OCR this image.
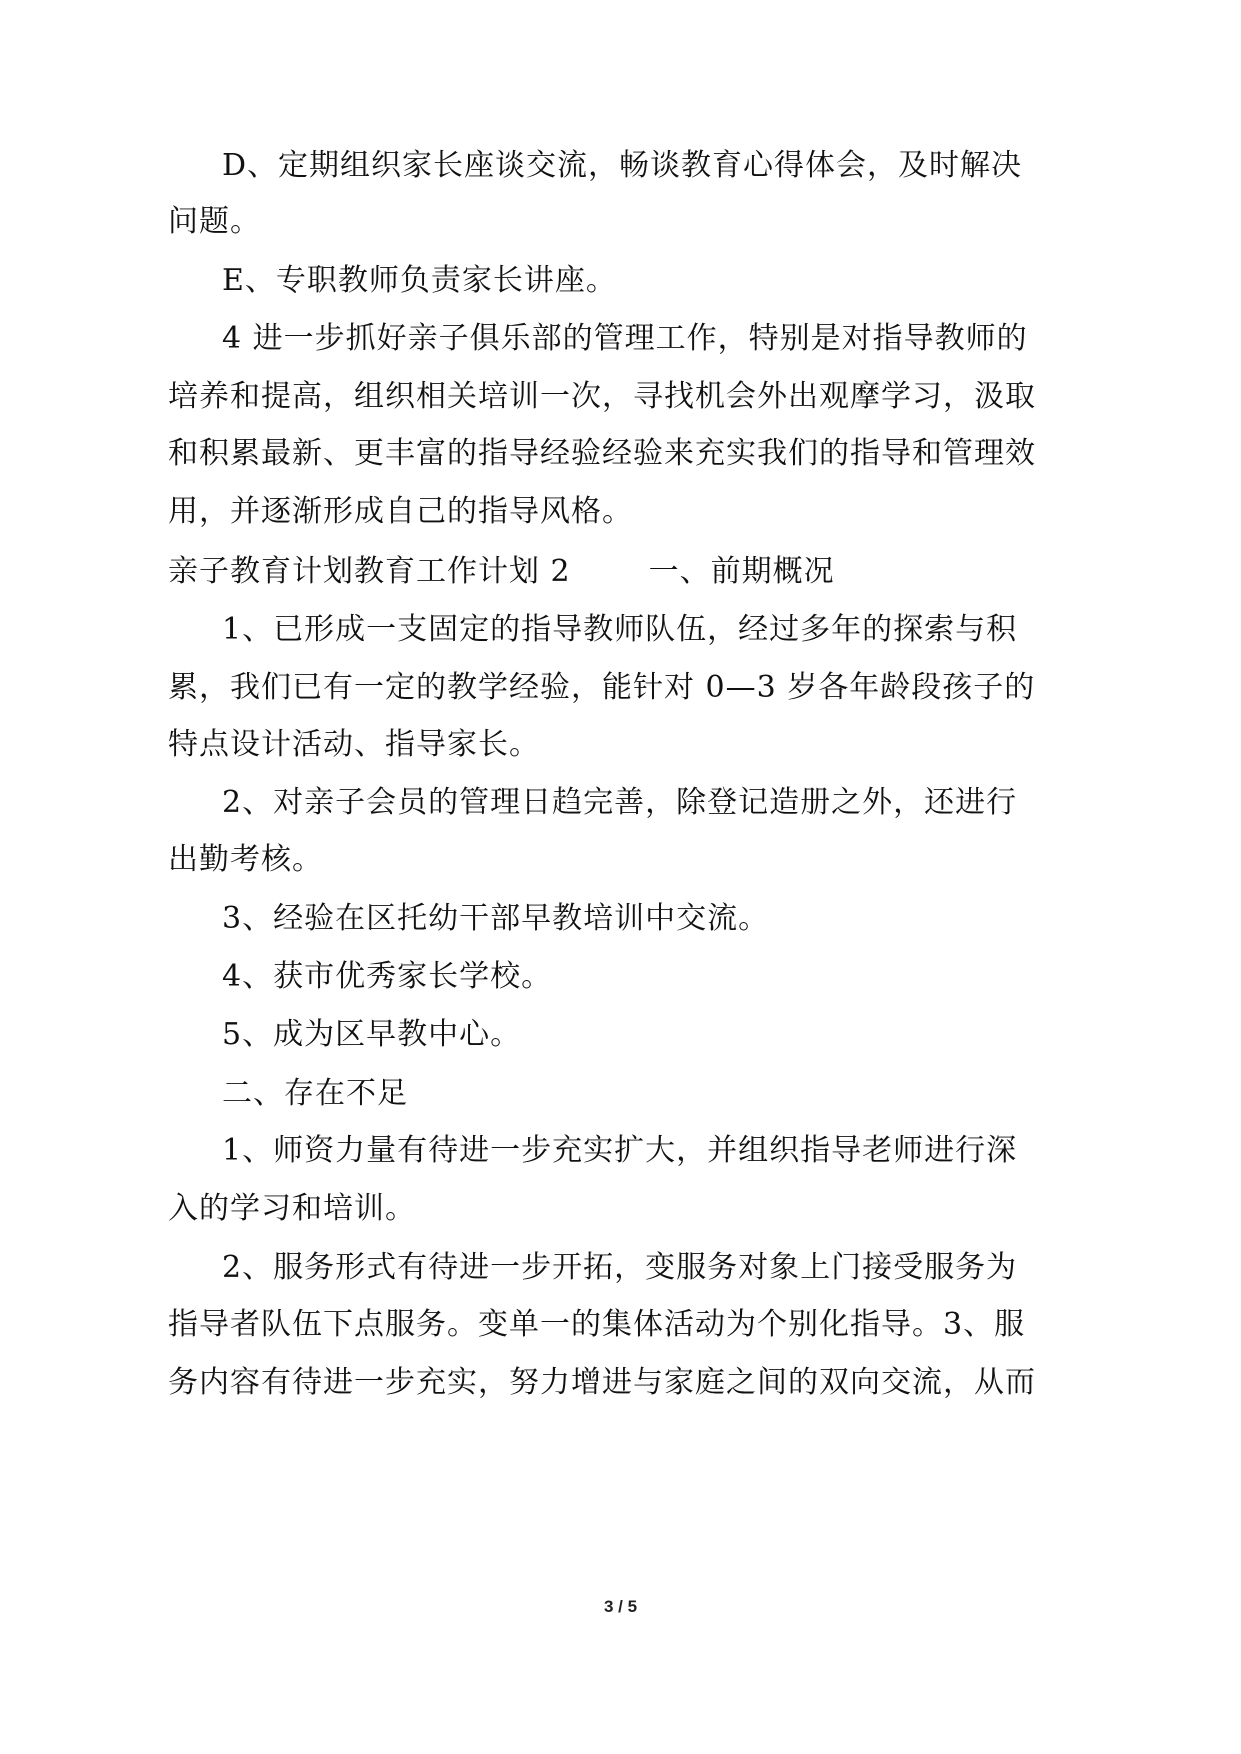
D、定期组织家长座谈交流，畅谈教育心得体会，及时解决
问题。
E、专职教师负责家长讲座。
4 进一步抓好亲子俱乐部的管理工作，特别是对指导教师的
培养和提高，组织相关培训一次，寻找机会外出观摩学习，汲取
和积累最新、更丰富的指导经验经验来充实我们的指导和管理效
用，并逐渐形成自己的指导风格。
亲子教育计划教育工作计划 2	一、前期概况
1、已形成一支固定的指导教师队伍，经过多年的探索与积
累，我们已有一定的教学经验，能针对 0—3 岁各年龄段孩子的
特点设计活动、指导家长。
2、对亲子会员的管理日趋完善，除登记造册之外，还进行
出勤考核。
3、经验在区托幼干部早教培训中交流。
4、获市优秀家长学校。
5、成为区早教中心。
二、存在不足
1、师资力量有待进一步充实扩大，并组织指导老师进行深
入的学习和培训。
2、服务形式有待进一步开拓，变服务对象上门接受服务为
指导者队伍下点服务。变单一的集体活动为个别化指导。3、服
务内容有待进一步充实，努力增进与家庭之间的双向交流，从而
3 / 5
